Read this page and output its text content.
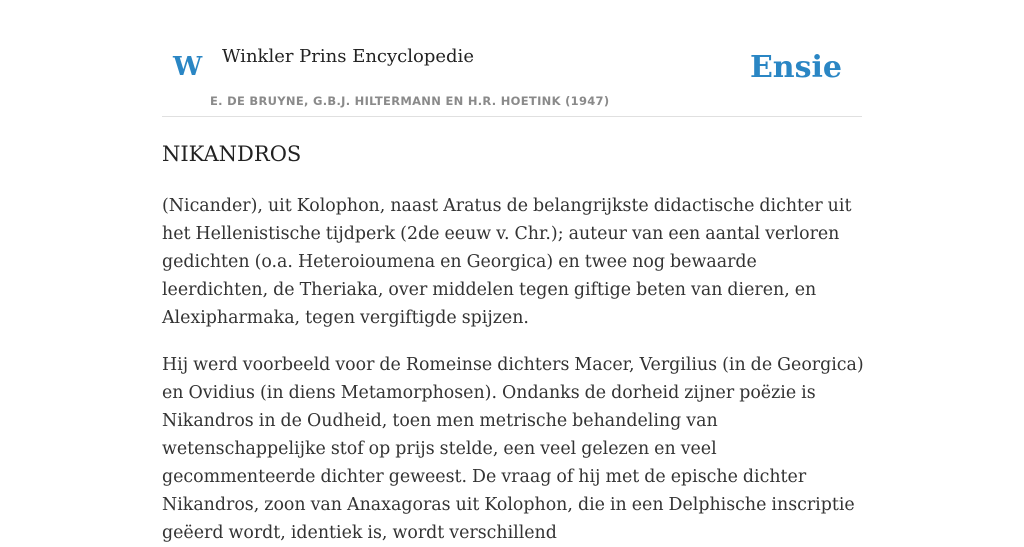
W Winkler Prins Encyclopedie
E. DE BRUYNE, G.B.J. HILTERMANN EN H.R. HOETINK (1947)
Ensie
NIKANDROS

(Nicander), uit Kolophon, naast Aratus de belangrijkste didactische dichter uit het Hellenistische tijdperk (2de eeuw v. Chr.); auteur van een aantal verloren gedichten (o.a. Heteroioumena en Georgica) en twee nog bewaarde leerdichten, de Theriaka, over middelen tegen giftige beten van dieren, en Alexipharmaka, tegen vergiftigde spijzen.

Hij werd voorbeeld voor de Romeinse dichters Macer, Vergilius (in de Georgica) en Ovidius (in diens Metamorphosen). Ondanks de dorheid zijner poëzie is Nikandros in de Oudheid, toen men metrische behandeling van wetenschappelijke stof op prijs stelde, een veel gelezen en veel gecommenteerde dichter geweest. De vraag of hij met de epische dichter Nikandros, zoon van Anaxagoras uit Kolophon, die in een Delphische inscriptie geëerd wordt, identiek is, wordt verschillend
